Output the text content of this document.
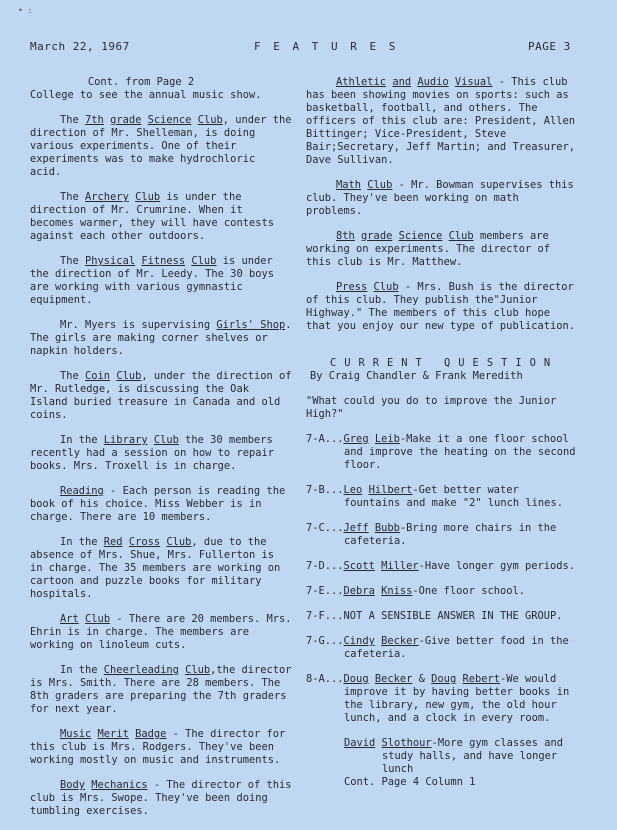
• :
March 22, 1967	F E A T U R E S	PAGE 3
Cont. from Page 2

College to see the annual music show.

The 7th grade Science Club, under the direction of Mr. Shelleman, is doing various experiments. One of their experiments was to make hydrochloric acid.

The Archery Club is under the direction of Mr. Crumrine. When it becomes warmer, they will have contests against each other outdoors.

The Physical Fitness Club is under the direction of Mr. Leedy. The 30 boys are working with various gymnastic equipment.

Mr. Myers is supervising Girls' Shop. The girls are making corner shelves or napkin holders.

The Coin Club, under the direction of Mr. Rutledge, is discussing the Oak Island buried treasure in Canada and old coins.

In the Library Club the 30 members recently had a session on how to repair books. Mrs. Troxell is in charge.

Reading - Each person is reading the book of his choice. Miss Webber is in charge. There are 10 members.

In the Red Cross Club, due to the absence of Mrs. Shue, Mrs. Fullerton is in charge. The 35 members are working on cartoon and puzzle books for military hospitals.

Art Club - There are 20 members. Mrs. Ehrin is in charge. The members are working on linoleum cuts.

In the Cheerleading Club,the director is Mrs. Smith. There are 28 members. The 8th graders are preparing the 7th graders for next year.

Music Merit Badge - The director for this club is Mrs. Rodgers. They've been working mostly on music and instruments.

Body Mechanics - The director of this club is Mrs. Swope. They've been doing tumbling exercises.

Athletic and Audio Visual - This club has been showing movies on sports: such as basketball, football, and others. The officers of this club are: President, Allen Bittinger; Vice-President, Steve Bair;Secretary, Jeff Martin; and Treasurer, Dave Sullivan.

Math Club - Mr. Bowman supervises this club. They've been working on math problems.

8th grade Science Club members are working on experiments. The director of this club is Mr. Matthew.

Press Club - Mrs. Bush is the director of this club. They publish the"Junior Highway." The members of this club hope that you enjoy our new type of publication.

CURRENT QUESTION

By Craig Chandler & Frank Meredith

"What could you do to improve the Junior High?"

7-A...Greg Leib-Make it a one floor school and improve the heating on the second floor.

7-B...Leo Hilbert-Get better water fountains and make "2" lunch lines.

7-C...Jeff Bubb-Bring more chairs in the cafeteria.

7-D...Scott Miller-Have longer gym periods.

7-E...Debra Kniss-One floor school.

7-F...NOT A SENSIBLE ANSWER IN THE GROUP.

7-G...Cindy Becker-Give better food in the cafeteria.

8-A...Doug Becker & Doug Rebert-We would improve it by having better books in the library, new gym, the old hour lunch, and a clock in every room.

David Slothour-More gym classes and study halls, and have longer lunch
Cont. Page 4 Column 1
